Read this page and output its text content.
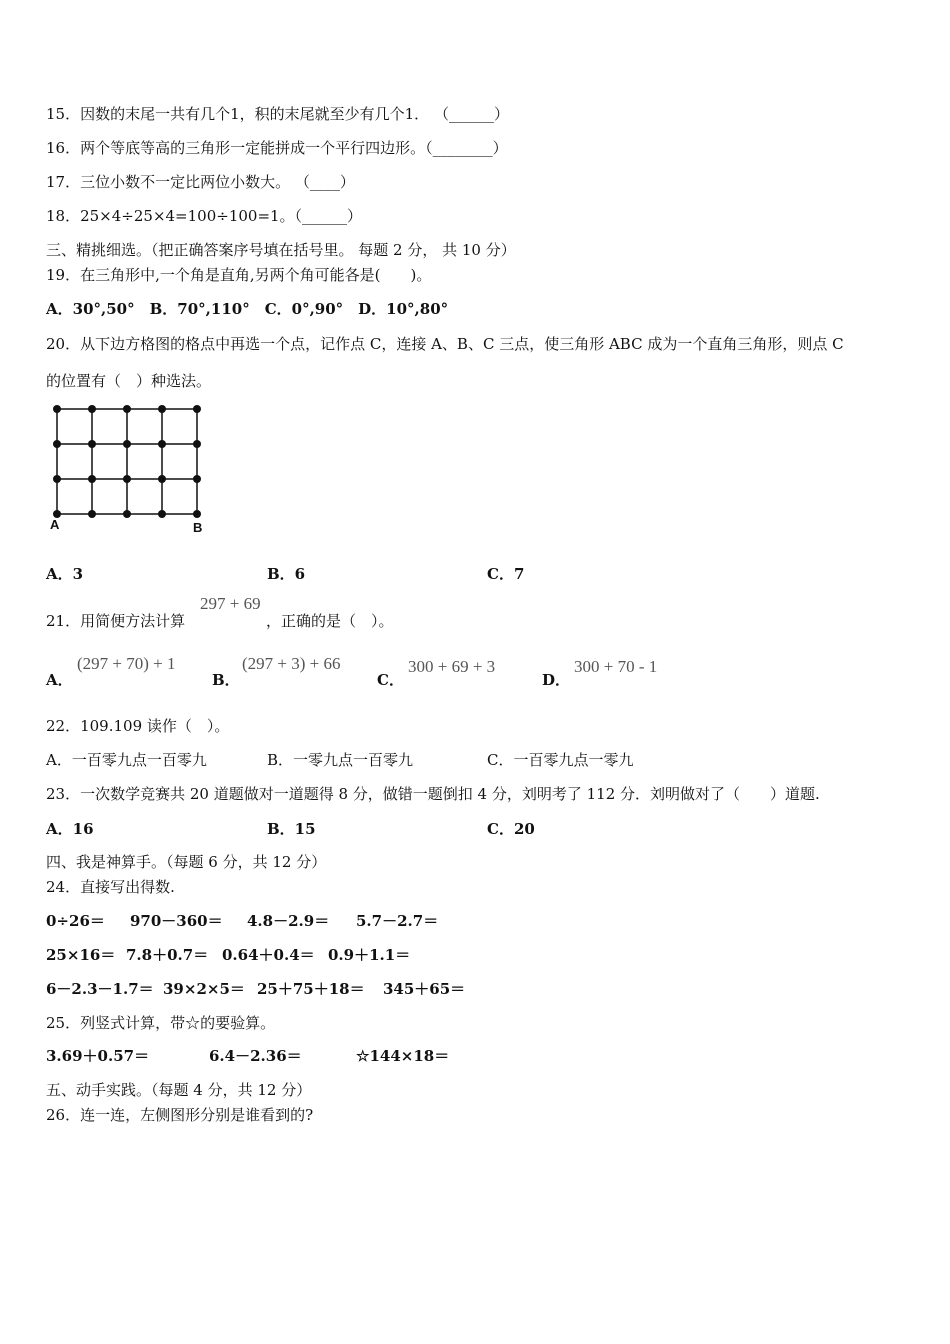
15．因数的末尾一共有几个1，积的末尾就至少有几个1． （______）
16．两个等底等高的三角形一定能拼成一个平行四边形。（________）
17．三位小数不一定比两位小数大。 （____）
18．25×4÷25×4=100÷100=1。（______）
三、精挑细选。（把正确答案序号填在括号里。 每题 2 分， 共 10 分）
19．在三角形中,一个角是直角,另两个角可能各是(　　)。
A．30°,50°　B．70°,110°　C．0°,90°　D．10°,80°
20．从下边方格图的格点中再选一个点，记作点 C，连接 A、B、C 三点，使三角形 ABC 成为一个直角三角形，则点 C
的位置有（　）种选法。
A	B
A．3	B．6	C．7
21．用简便方法计算
297 + 69
，正确的是（　）。
A．
(297 + 70) + 1
B．
(297 + 3) + 66
C．
300 + 69 + 3
D．
300 + 70 - 1
22．109.109 读作（　）。
A．一百零九点一百零九	B．一零九点一百零九	C．一百零九点一零九
23．一次数学竞赛共 20 道题做对一道题得 8 分，做错一题倒扣 4 分，刘明考了 112 分．刘明做对了（　　）道题.
A．16	B．15	C．20
四、我是神算手。（每题 6 分，共 12 分）
24．直接写出得数.
0÷26＝ 970－360＝ 4.8－2.9＝ 5.7－2.7＝
25×16＝ 7.8＋0.7＝ 0.64＋0.4＝ 0.9＋1.1＝
6－2.3－1.7＝ 39×2×5＝ 25＋75＋18＝ 345＋65＝
25．列竖式计算，带☆的要验算。
3.69＋0.57＝	6.4－2.36＝	☆144×18＝
五、动手实践。（每题 4 分，共 12 分）
26．连一连，左侧图形分别是谁看到的?
